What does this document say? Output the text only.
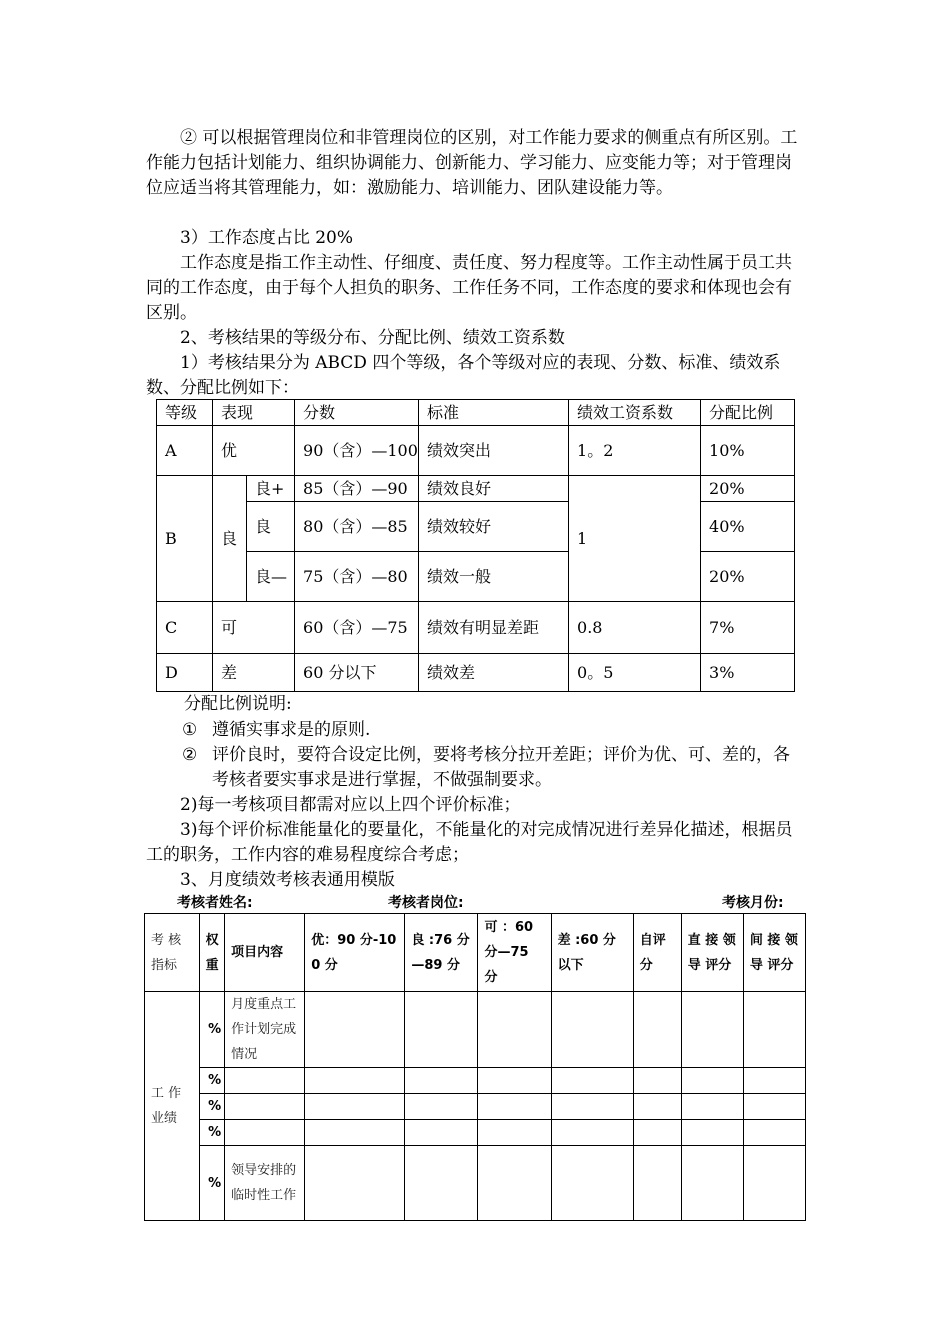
② 可以根据管理岗位和非管理岗位的区别，对工作能力要求的侧重点有所区别。工作能力包括计划能力、组织协调能力、创新能力、学习能力、应变能力等；对于管理岗位应适当将其管理能力，如：激励能力、培训能力、团队建设能力等。

3）工作态度占比 20%

工作态度是指工作主动性、仔细度、责任度、努力程度等。工作主动性属于员工共同的工作态度，由于每个人担负的职务、工作任务不同，工作态度的要求和体现也会有区别。

2、考核结果的等级分布、分配比例、绩效工资系数

1）考核结果分为 ABCD 四个等级，各个等级对应的表现、分数、标准、绩效系数、分配比例如下：

等级	表现		分数	标准	绩效工资系数	分配比例
A	优		90（含）—100	绩效突出	1。2	10%
B	良	良+	85（含）—90	绩效良好	1	20%
		良	80（含）—85	绩效较好		40%
		良—	75（含）—80	绩效一般		20%
C	可		60（含）—75	绩效有明显差距	0.8	7%
D	差		60 分以下	绩效差	0。5	3%

分配比例说明:

① 遵循实事求是的原则.

② 评价良时，要符合设定比例，要将考核分拉开差距；评价为优、可、差的，各考核者要实事求是进行掌握，不做强制要求。

2)每一考核项目都需对应以上四个评价标准；

3)每个评价标准能量化的要量化，不能量化的对完成情况进行差异化描述，根据员工的职务，工作内容的难易程度综合考虑；

3、月度绩效考核表通用模版

考核者姓名:	考核者岗位:	考核月份:
考 核 指标	权重	项目内容	优：90 分-100 分	良 :76 分—89 分	可 ：60 分—75 分	差 :60 分以下	自评分	直 接 领 导 评分	间 接 领 导 评分
工 作 业绩	%	月度重点工作计划完成情况							
	%								
	%								
	%								
	%	领导安排的临时性工作							
